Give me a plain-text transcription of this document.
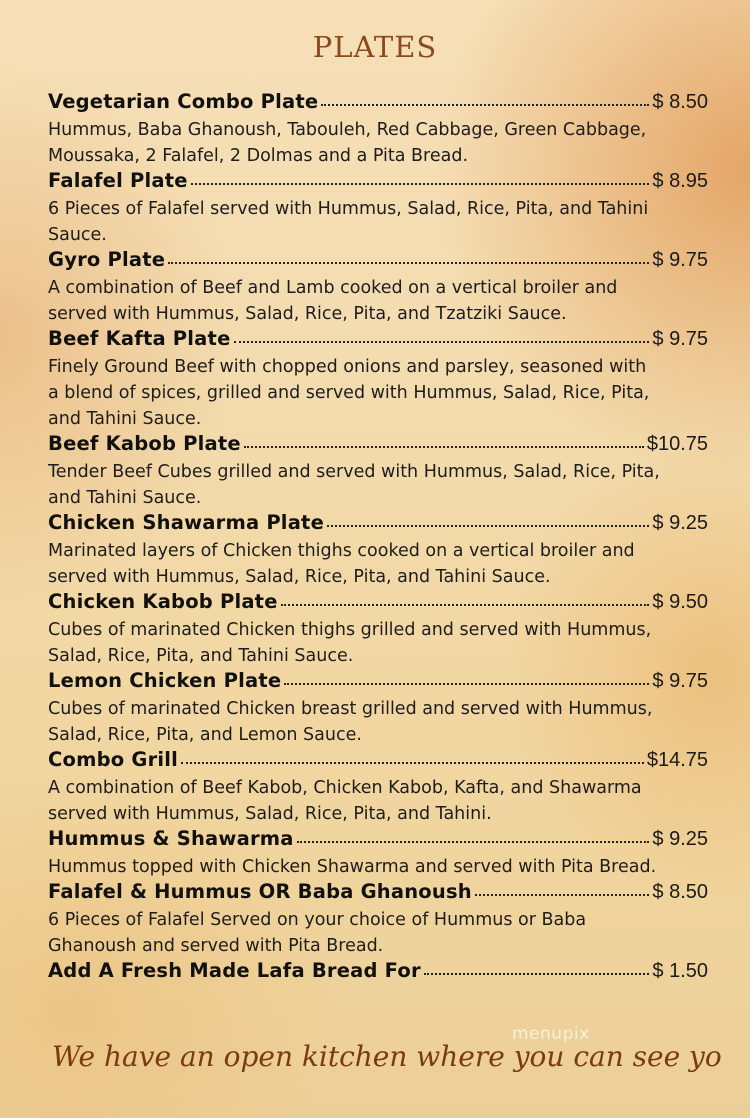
PLATES
Vegetarian Combo Plate	$ 8.50

Hummus, Baba Ghanoush, Tabouleh, Red Cabbage, Green Cabbage, Moussaka, 2 Falafel, 2 Dolmas and a Pita Bread.

Falafel Plate	$ 8.95

6 Pieces of Falafel served with Hummus, Salad, Rice, Pita, and Tahini Sauce.

Gyro Plate	$ 9.75

A combination of Beef and Lamb cooked on a vertical broiler and served with Hummus, Salad, Rice, Pita, and Tzatziki Sauce.

Beef Kafta Plate	$ 9.75

Finely Ground Beef with chopped onions and parsley, seasoned with a blend of spices, grilled and served with Hummus, Salad, Rice, Pita, and Tahini Sauce.

Beef Kabob Plate	$10.75

Tender Beef Cubes grilled and served with Hummus, Salad, Rice, Pita, and Tahini Sauce.

Chicken Shawarma Plate	$ 9.25

Marinated layers of Chicken thighs cooked on a vertical broiler and served with Hummus, Salad, Rice, Pita, and Tahini Sauce.

Chicken Kabob Plate	$ 9.50

Cubes of marinated Chicken thighs grilled and served with Hummus, Salad, Rice, Pita, and Tahini Sauce.

Lemon Chicken Plate	$ 9.75

Cubes of marinated Chicken breast grilled and served with Hummus, Salad, Rice, Pita, and Lemon Sauce.

Combo Grill	$14.75

A combination of Beef Kabob, Chicken Kabob, Kafta, and Shawarma served with Hummus, Salad, Rice, Pita, and Tahini.

Hummus & Shawarma	$ 9.25

Hummus topped with Chicken Shawarma and served with Pita Bread.

Falafel & Hummus OR Baba Ghanoush	$ 8.50

6 Pieces of Falafel Served on your choice of Hummus or Baba Ghanoush and served with Pita Bread.

Add A Fresh Made Lafa Bread For	$ 1.50
menupix

We have an open kitchen where you can see yo
